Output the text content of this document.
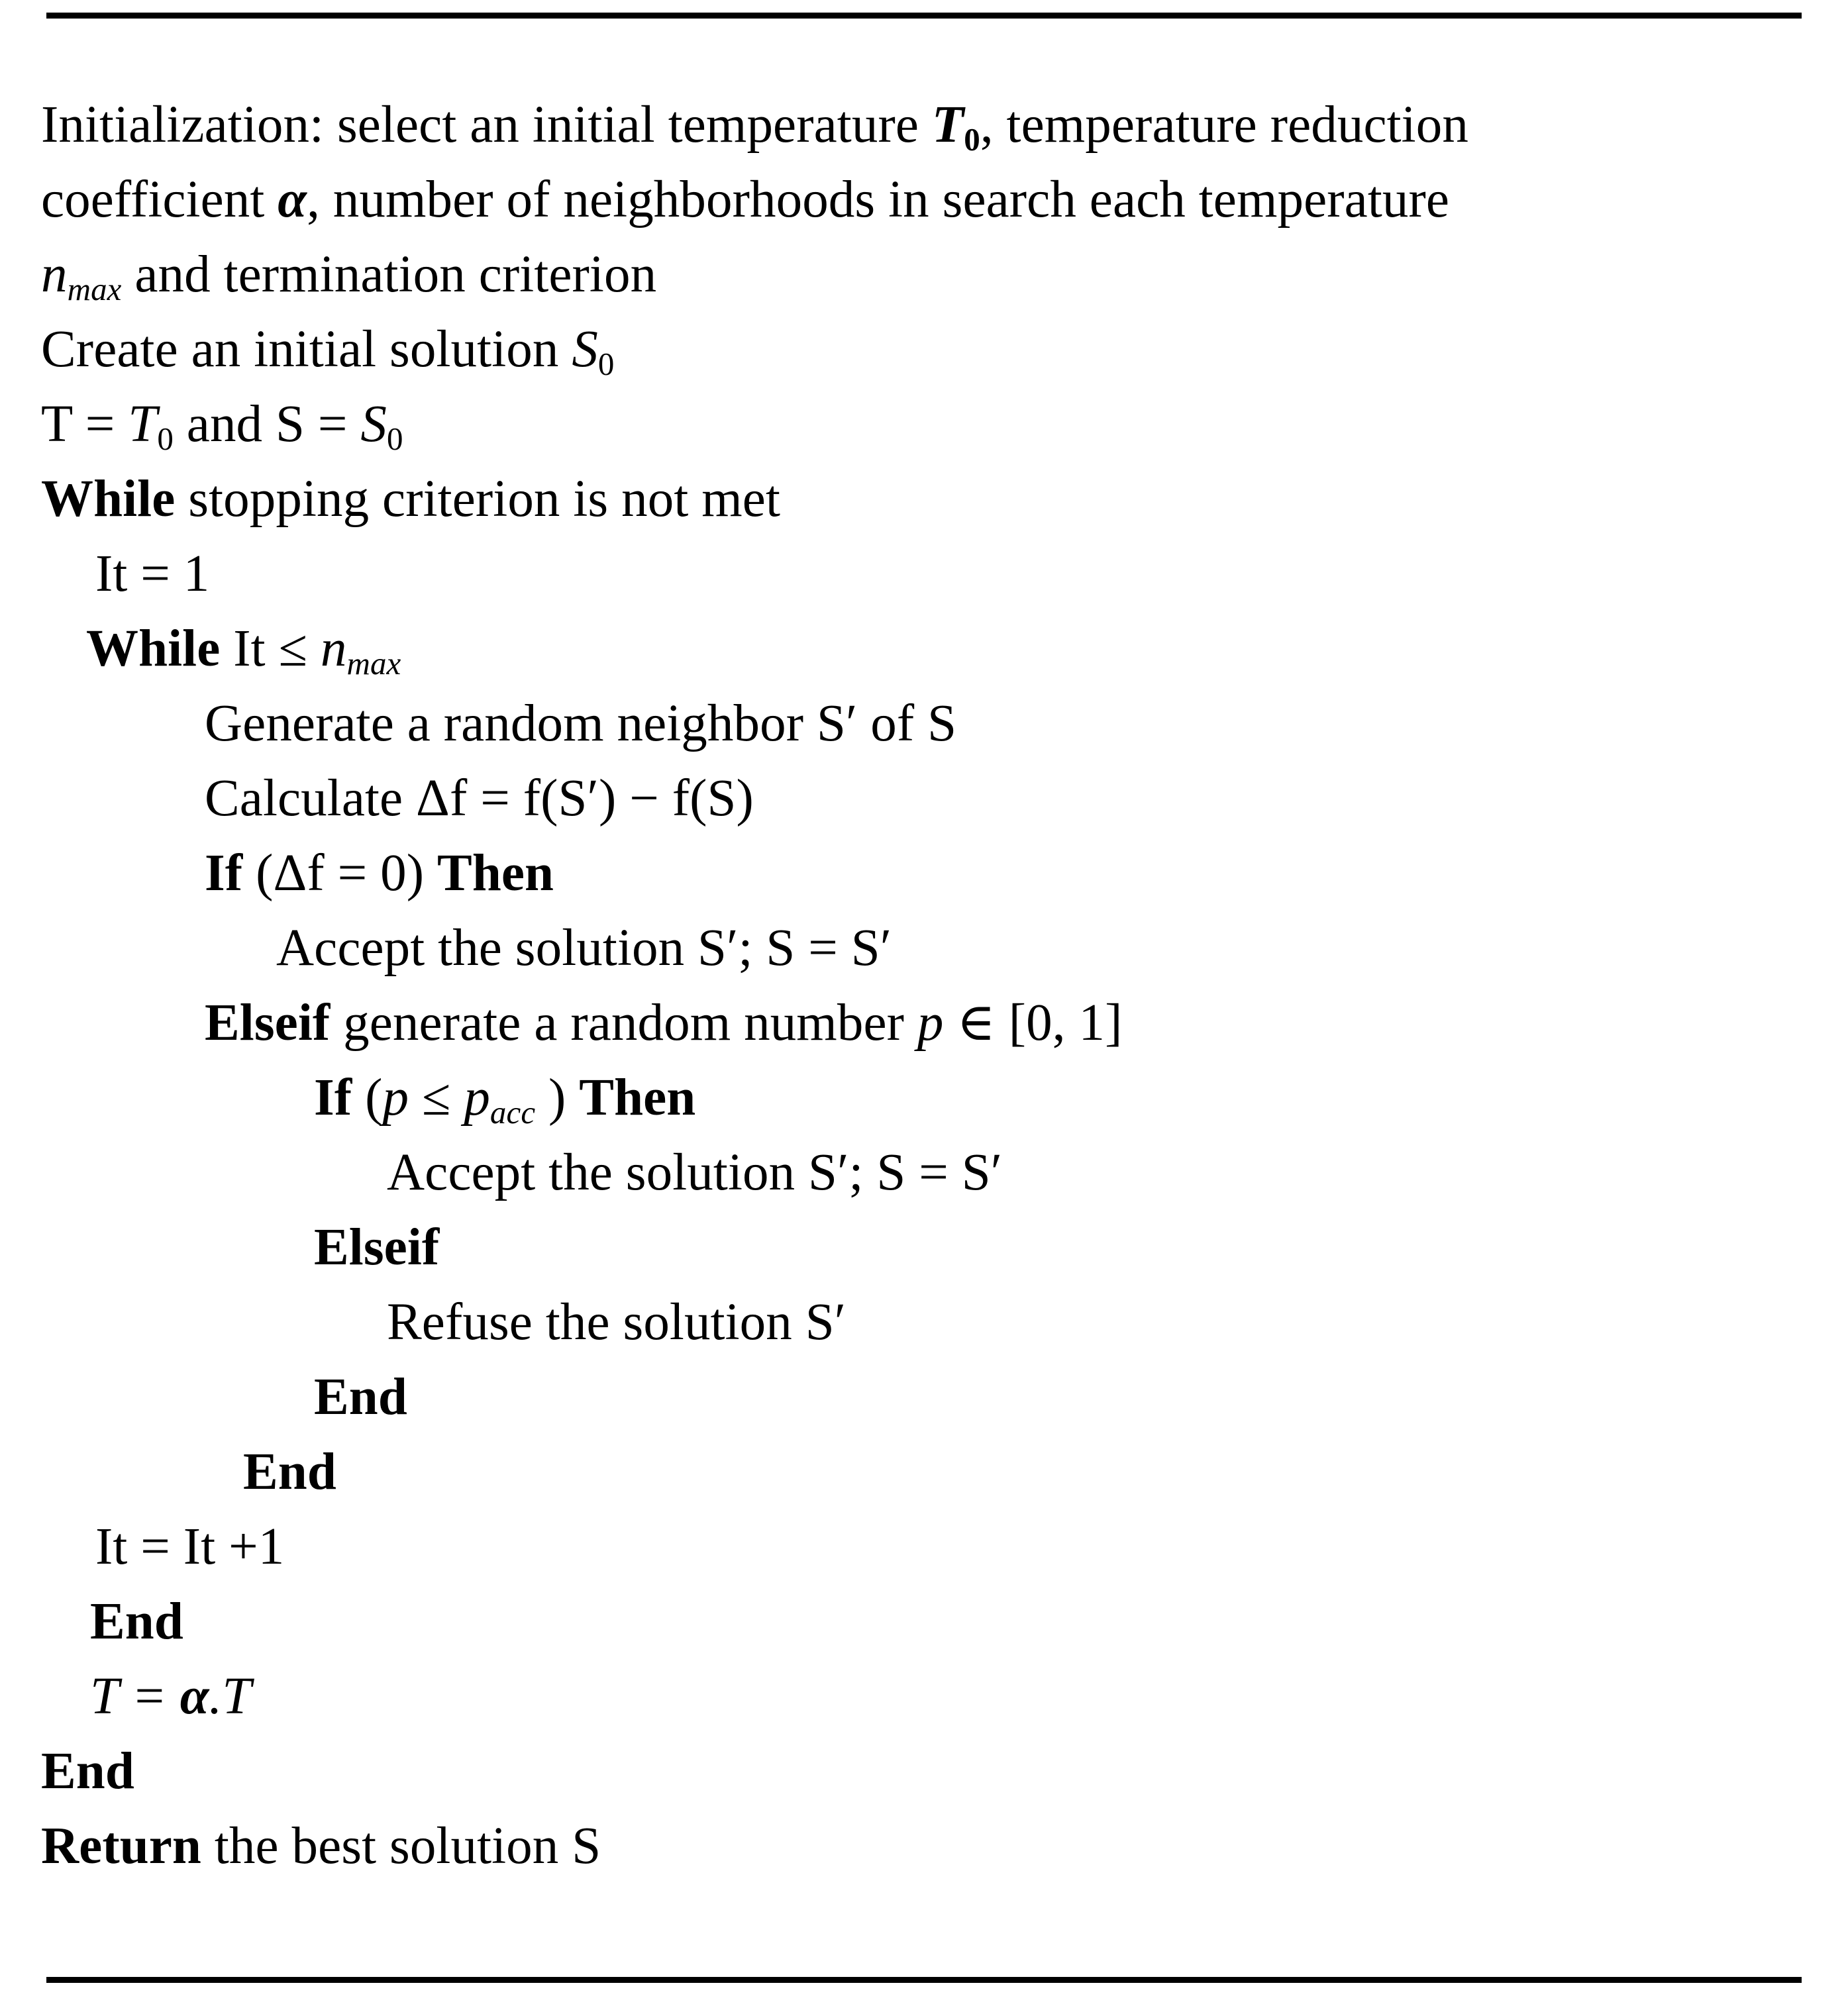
Initialization: select an initial temperature $T_0$, temperature reduction
coefficient α, number of neighborhoods in search each temperature
$n_{max}$ and termination criterion
Create an initial solution $S_0$
$T = T_0$ and $S = S_0$
While stopping criterion is not met
It = 1
While $It \le n_{max}$
Generate a random neighbor S′ of S
Calculate Δf = f(S′) − f(S)
If (Δf = 0) Then
Accept the solution S′; S = S′
Elseif generate a random number p ∈ [0, 1]
If ($p \le p_{acc}$ ) Then
Accept the solution S′; S = S′
Elseif
Refuse the solution S′
End
End
It = It +1
End
T = α.T
End
Return the best solution S
